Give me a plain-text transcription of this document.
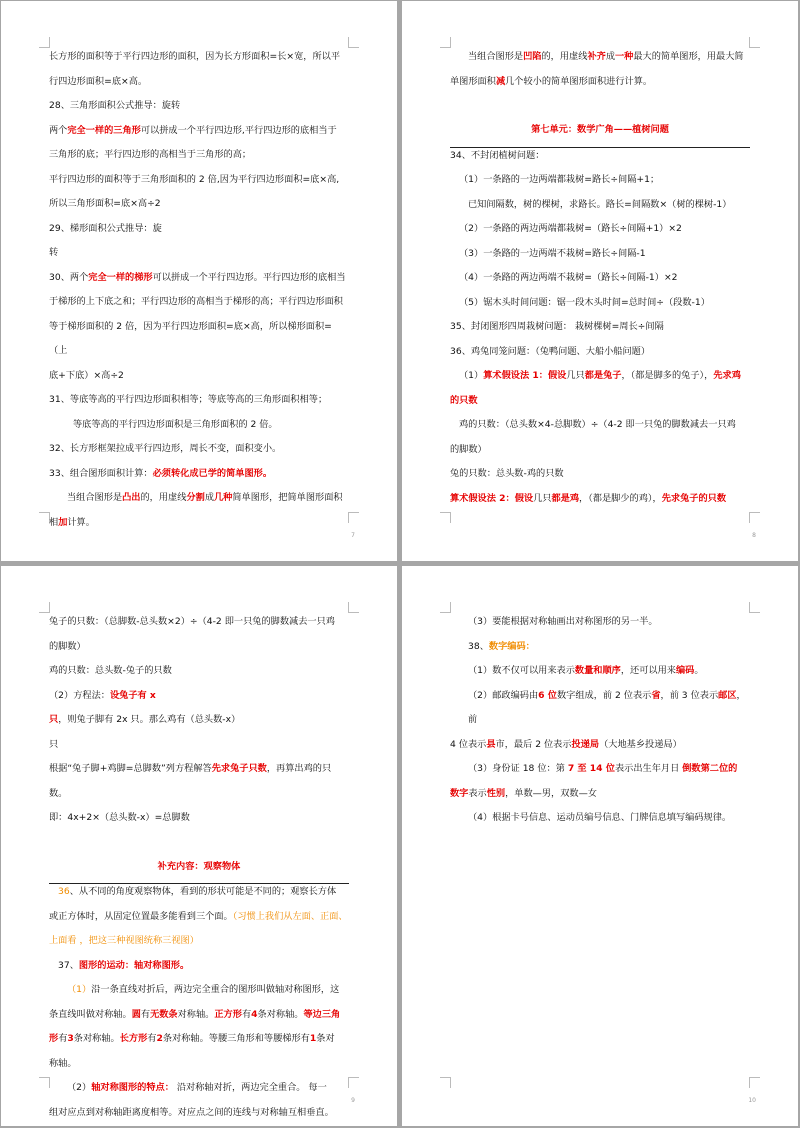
长方形的面积等于平行四边形的面积，因为长方形面积=长×宽，所以平

行四边形面积=底×高。

28、三角形面积公式推导：旋转

两个完全一样的三角形可以拼成一个平行四边形,平行四边形的底相当于

三角形的底；平行四边形的高相当于三角形的高；

平行四边形的面积等于三角形面积的 2 倍,因为平行四边形面积=底×高,

所以三角形面积=底×高÷2

29、梯形面积公式推导：旋

转

30、两个完全一样的梯形可以拼成一个平行四边形。平行四边形的底相当

于梯形的上下底之和；平行四边形的高相当于梯形的高；平行四边形面积

等于梯形面积的 2 倍，因为平行四边形面积=底×高，所以梯形面积=（上

底+下底）×高÷2

31、等底等高的平行四边形面积相等；等底等高的三角形面积相等；

等底等高的平行四边形面积是三角形面积的 2 倍。

32、长方形框架拉成平行四边形，周长不变，面积变小。

33、组合图形面积计算：必须转化成已学的简单图形。

当组合图形是凸出的，用虚线分割成几种简单图形，把简单图形面积

相加计算。

7

当组合图形是凹陷的，用虚线补齐成一种最大的简单图形，用最大简

单图形面积减几个较小的简单图形面积进行计算。

第七单元：数学广角——植树问题

34、不封闭植树问题：

（1）一条路的一边两端都栽树=路长÷间隔+1；

已知间隔数，树的棵树，求路长。路长=间隔数×（树的棵树-1）

（2）一条路的两边两端都栽树=（路长÷间隔+1）×2

（3）一条路的一边两端不栽树=路长÷间隔-1

（4）一条路的两边两端不栽树=（路长÷间隔-1）×2

（5）锯木头时间问题：锯一段木头时间=总时间÷（段数-1）

35、封闭图形四周栽树问题： 栽树棵树=周长÷间隔

36、鸡兔同笼问题：（兔鸭问题、大船小船问题）

（1）算术假设法 1：假设几只都是兔子，（都是脚多的兔子），先求鸡

的只数

鸡的只数：（总头数×4-总脚数）÷（4-2 即一只兔的脚数减去一只鸡

的脚数）

兔的只数：总头数-鸡的只数

算术假设法 2：假设几只都是鸡，（都是脚少的鸡），先求兔子的只数

8

兔子的只数：（总脚数-总头数×2）÷（4-2 即一只兔的脚数减去一只鸡

的脚数）

鸡的只数：总头数-兔子的只数

（2）方程法：设兔子有 x 只，则兔子脚有 2x 只。那么鸡有（总头数-x）

只

根据“兔子脚+鸡脚=总脚数”列方程解答先求兔子只数，再算出鸡的只数。

即：4x+2×（总头数-x）=总脚数

补充内容：观察物体

36、从不同的角度观察物体，看到的形状可能是不同的；观察长方体

或正方体时，从固定位置最多能看到三个面。（习惯上我们从左面、正面、

上面看 ，把这三种视图统称三视图）

37、图形的运动：轴对称图形。

（1）沿一条直线对折后，两边完全重合的图形叫做轴对称图形，这

条直线叫做对称轴。圆有无数条对称轴。正方形有4条对称轴。等边三角

形有3条对称轴。长方形有2条对称轴。等腰三角形和等腰梯形有1条对

称轴。

（2）轴对称图形的特点： 沿对称轴对折，两边完全重合。 每一

组对应点到对称轴距离度相等。对应点之间的连线与对称轴互相垂直。

9

（3）要能根据对称轴画出对称图形的另一半。

38、数字编码：

（1）数不仅可以用来表示数量和顺序，还可以用来编码。

（2）邮政编码由6 位数字组成，前 2 位表示省，前 3 位表示邮区，前

4 位表示县市，最后 2 位表示投递局（大地基乡投递局）

（3）身份证 18 位：第 7 至 14 位表示出生年月日 倒数第二位的

数字表示性别，单数—男，双数—女

（4）根据卡号信息、运动员编号信息、门牌信息填写编码规律。

10
